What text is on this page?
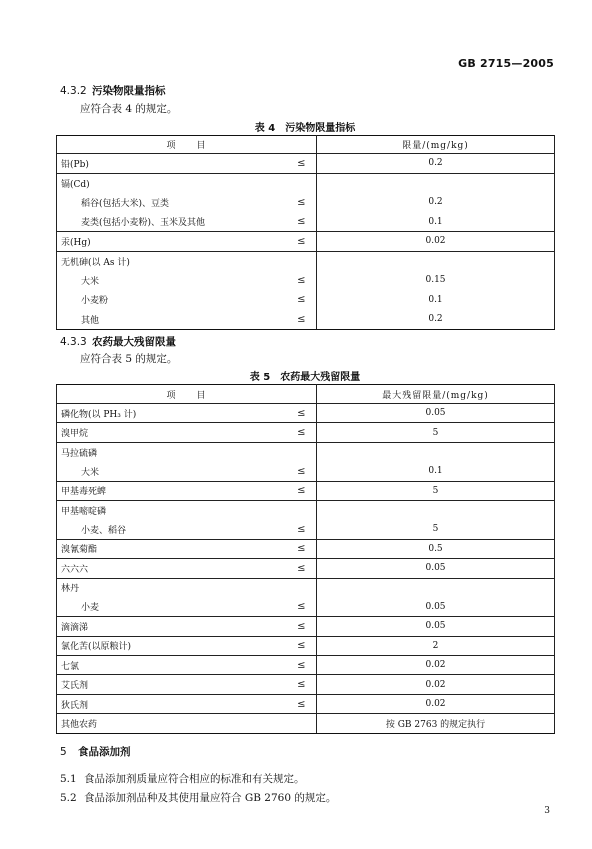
GB 2715—2005
4.3.2 污染物限量指标
应符合表 4 的规定。
表 4　污染物限量指标
项　　目		限量/(mg/kg)
铅(Pb)	≤	0.2
镉(Cd)		
稻谷(包括大米)、豆类	≤	0.2
麦类(包括小麦粉)、玉米及其他	≤	0.1
汞(Hg)	≤	0.02
无机砷(以 As 计)		
大米	≤	0.15
小麦粉	≤	0.1
其他	≤	0.2
4.3.3 农药最大残留限量
应符合表 5 的规定。
表 5　农药最大残留限量
项　　目		最大残留限量/(mg/kg)
磷化物(以 PH₃ 计)	≤	0.05
溴甲烷	≤	5
马拉硫磷		
大米	≤	0.1
甲基毒死蜱	≤	5
甲基嘧啶磷		
小麦、稻谷	≤	5
溴氰菊酯	≤	0.5
六六六	≤	0.05
林丹		
小麦	≤	0.05
滴滴涕	≤	0.05
氯化苦(以原粮计)	≤	2
七氯	≤	0.02
艾氏剂	≤	0.02
狄氏剂	≤	0.02
其他农药		按 GB 2763 的规定执行
5 食品添加剂
5.1 食品添加剂质量应符合相应的标准和有关规定。
5.2 食品添加剂品种及其使用量应符合 GB 2760 的规定。
3
